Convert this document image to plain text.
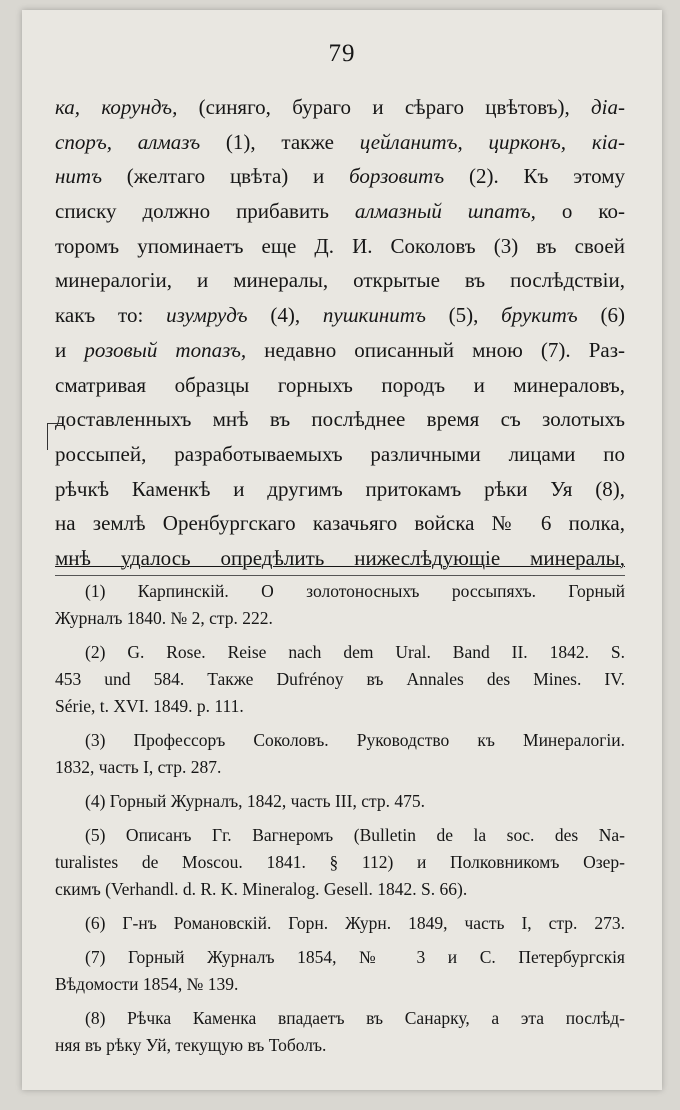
79
ка, корундъ, (синяго, бураго и сѣраго цвѣтовъ), діа-
споръ, алмазъ (1), также цейланитъ, цирконъ, кіа-
нитъ (желтаго цвѣта) и борзовитъ (2). Къ этому
списку должно прибавить алмазный шпатъ, о ко-
торомъ упоминаетъ еще Д. И. Соколовъ (3) въ своей
минералогіи, и минералы, открытые въ послѣдствіи,
какъ то: изумрудъ (4), пушкинитъ (5), брукитъ (6)
и розовый топазъ, недавно описанный мною (7). Раз-
сматривая образцы горныхъ породъ и минераловъ,
доставленныхъ мнѣ въ послѣднее время съ золотыхъ
россыпей, разработываемыхъ различными лицами по
рѣчкѣ Каменкѣ и другимъ притокамъ рѣки Уя (8),
на землѣ Оренбургскаго казачьяго войска № 6 полка,
мнѣ удалось опредѣлить нижеслѣдующіе минералы,
(1) Карпинскій. О золотоносныхъ россыпяхъ. Горный
Журналъ 1840. № 2, стр. 222.
(2) G. Rose. Reise nach dem Ural. Band II. 1842. S.
453 und 584. Также Dufrénoy въ Annales des Mines. IV.
Série, t. XVI. 1849. p. 111.
(3) Профессоръ Соколовъ. Руководство къ Минералогіи.
1832, часть I, стр. 287.
(4) Горный Журналъ, 1842, часть III, стр. 475.
(5) Описанъ Гг. Вагнеромъ (Bulletin de la soc. des Na-
turalistes de Moscou. 1841. § 112) и Полковникомъ Озер-
скимъ (Verhandl. d. R. K. Mineralog. Gesell. 1842. S. 66).
(6) Г-нъ Романовскій. Горн. Журн. 1849, часть I, стр. 273.
(7) Горный Журналъ 1854, № 3 и С. Петербургскія
Вѣдомости 1854, № 139.
(8) Рѣчка Каменка впадаетъ въ Санарку, а эта послѣд-
няя въ рѣку Уй, текущую въ Тоболъ.
